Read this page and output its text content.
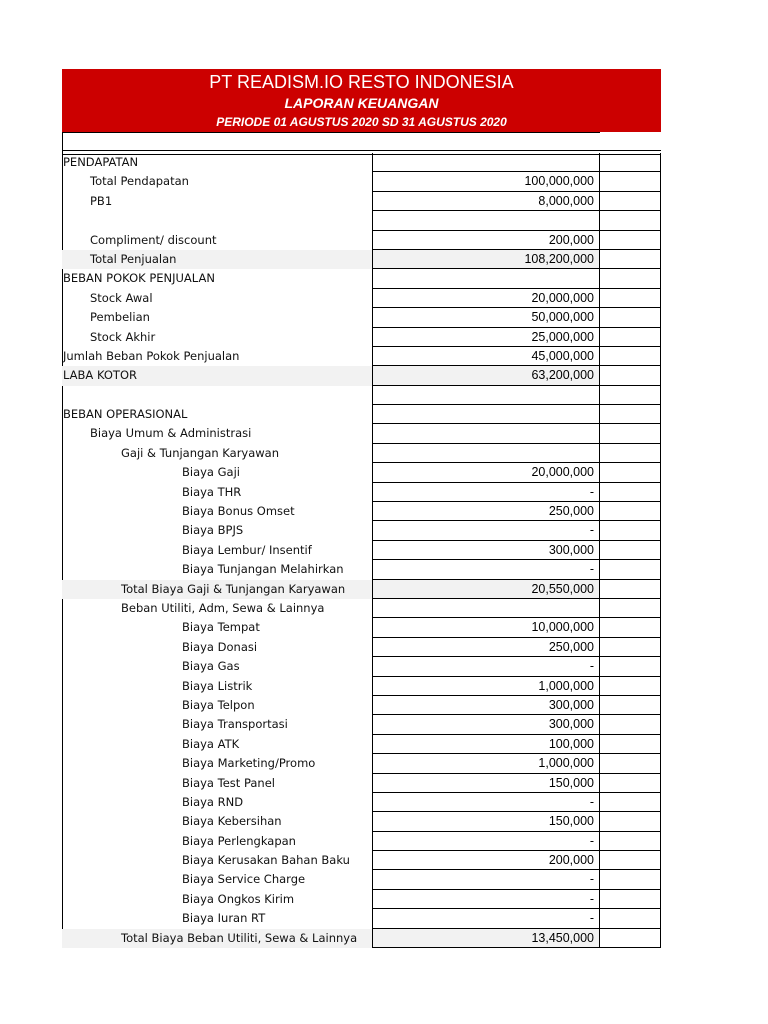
PT READISM.IO RESTO INDONESIA
LAPORAN KEUANGAN
PERIODE 01 AGUSTUS 2020 SD 31 AGUSTUS 2020
PENDAPATAN
Total Pendapatan	100,000,000
PB1	8,000,000
Compliment/ discount	200,000
Total Penjualan	108,200,000
BEBAN POKOK PENJUALAN
Stock Awal	20,000,000
Pembelian	50,000,000
Stock Akhir	25,000,000
Jumlah Beban Pokok Penjualan	45,000,000
LABA KOTOR	63,200,000
BEBAN OPERASIONAL
Biaya Umum & Administrasi
Gaji & Tunjangan Karyawan
Biaya Gaji	20,000,000
Biaya THR	-
Biaya Bonus Omset	250,000
Biaya BPJS	-
Biaya Lembur/ Insentif	300,000
Biaya Tunjangan Melahirkan	-
Total Biaya Gaji & Tunjangan Karyawan	20,550,000
Beban Utiliti, Adm, Sewa & Lainnya
Biaya Tempat	10,000,000
Biaya Donasi	250,000
Biaya Gas	-
Biaya Listrik	1,000,000
Biaya Telpon	300,000
Biaya Transportasi	300,000
Biaya ATK	100,000
Biaya Marketing/Promo	1,000,000
Biaya Test Panel	150,000
Biaya RND	-
Biaya Kebersihan	150,000
Biaya Perlengkapan	-
Biaya Kerusakan Bahan Baku	200,000
Biaya Service Charge	-
Biaya Ongkos Kirim	-
Biaya Iuran RT	-
Total Biaya Beban Utiliti, Sewa & Lainnya	13,450,000
